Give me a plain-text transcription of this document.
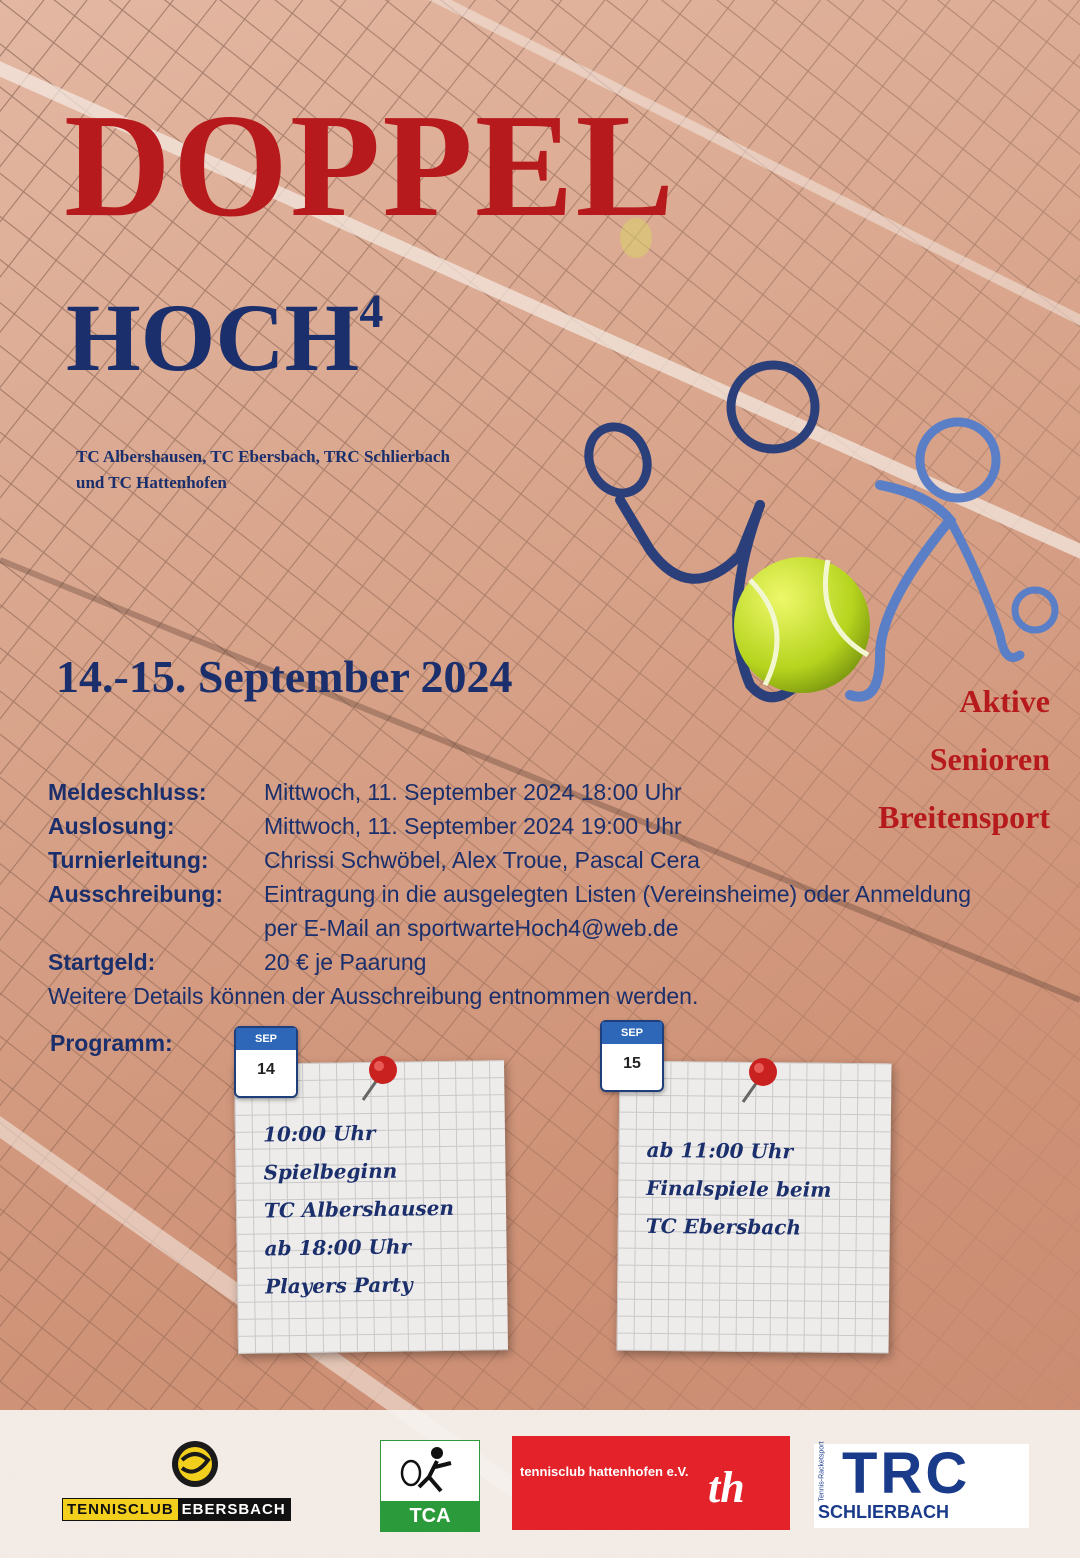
DOPPEL
HOCH$^4$
TC Albershausen, TC Ebersbach, TRC Schlierbach
und TC Hattenhofen
14.-15. September 2024	Aktive
Senioren
Breitensport
Meldeschluss:	Mittwoch, 11. September 2024 18:00 Uhr
Auslosung:	Mittwoch, 11. September 2024 19:00 Uhr
Turnierleitung:	Chrissi Schwöbel, Alex Troue, Pascal Cera
Ausschreibung:	Eintragung in die ausgelegten Listen (Vereinsheime) oder Anmeldung
per E-Mail an sportwarteHoch4@web.de
Startgeld:	20 € je Paarung
Weitere Details können der Ausschreibung entnommen werden.
Programm:
10:00 Uhr
Spielbeginn
TC Albershausen
ab 18:00 Uhr
Players Party
SEP
14
ab 11:00 Uhr
Finalspiele beim
TC Ebersbach
SEP
15
TENNISCLUB EBERSBACH	TCA
tennisclub hattenhofen e.V. th TRC
SCHLIERBACH
Tennis-Racketsport
